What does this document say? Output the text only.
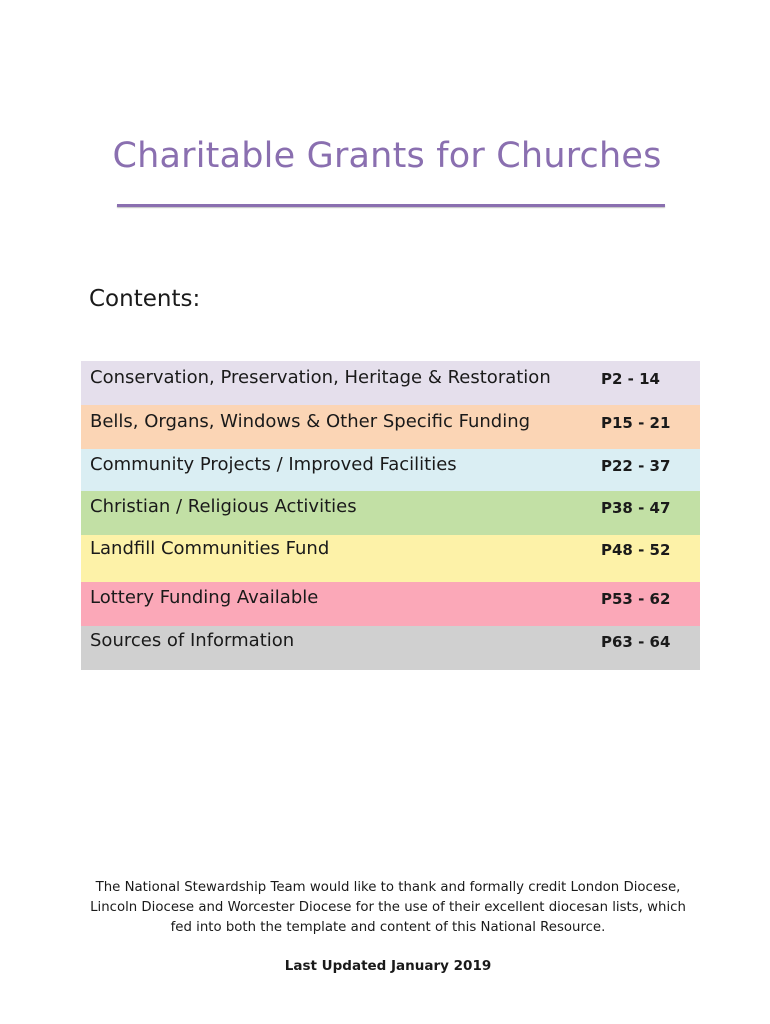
Charitable Grants for Churches
Contents:
Conservation, Preservation, Heritage & Restoration	P2 - 14
Bells, Organs, Windows & Other Specific Funding	P15 - 21
Community Projects / Improved Facilities	P22 - 37
Christian / Religious Activities	P38 - 47
Landfill Communities Fund	P48 - 52
Lottery Funding Available	P53 - 62
Sources of Information	P63 - 64

The National Stewardship Team would like to thank and formally credit London Diocese, Lincoln Diocese and Worcester Diocese for the use of their excellent diocesan lists, which fed into both the template and content of this National Resource.

Last Updated January 2019
